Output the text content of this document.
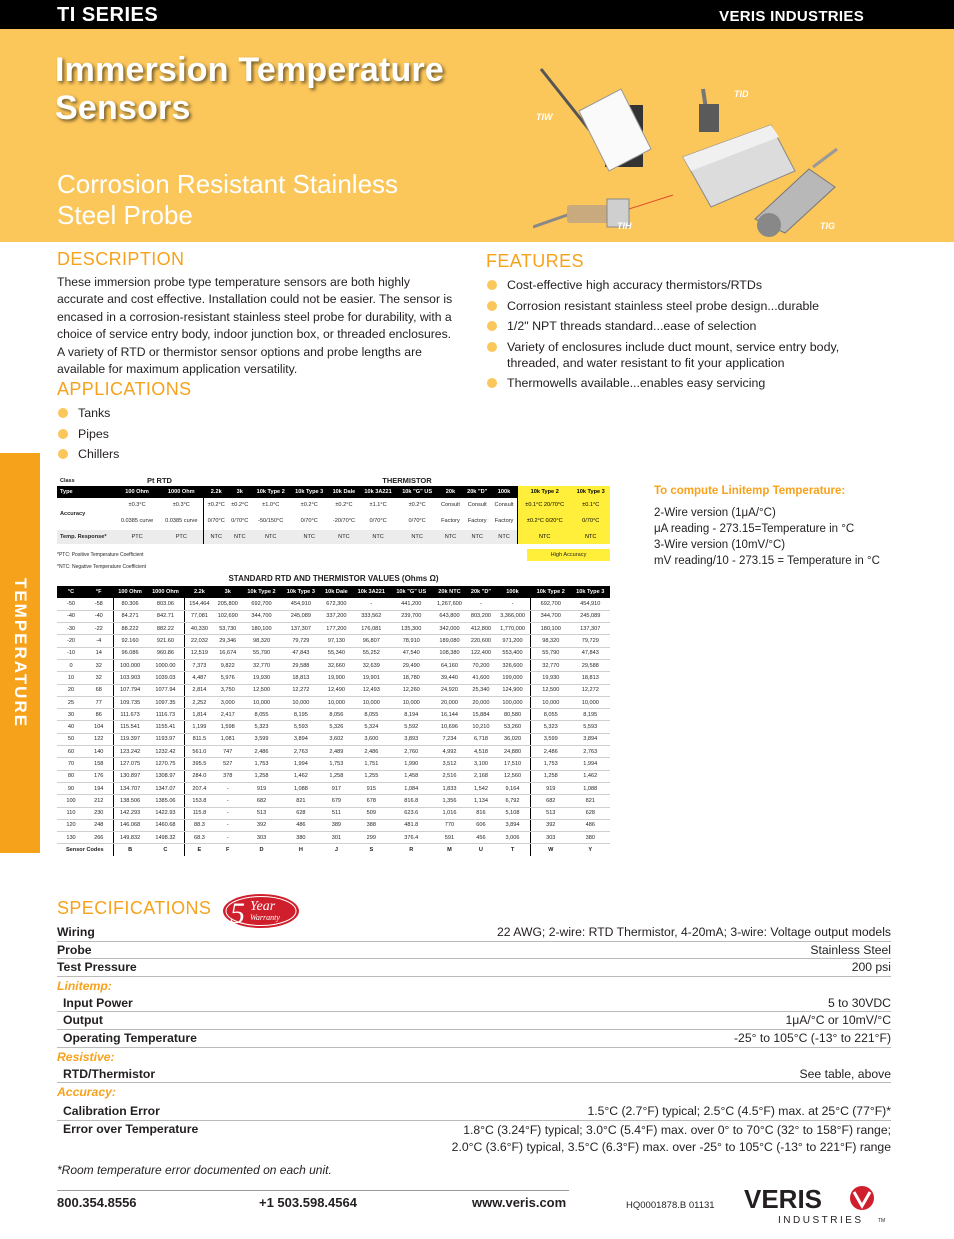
TI SERIES	VERIS INDUSTRIES
Immersion Temperature
Sensors
Corrosion Resistant Stainless
Steel Probe
TIW
TID
TIH	TIG
TEMPERATURE
DESCRIPTION

These immersion probe type temperature sensors are both highly accurate and cost effective. Installation could not be easier. The sensor is encased in a corrosion-resistant stainless steel probe for durability, with a choice of service entry body, indoor junction box, or threaded enclosures. A variety of RTD or thermistor sensor options and probe lengths are available for maximum application versatility.

APPLICATIONS
Tanks
Pipes
Chillers
FEATURES
Cost-effective high accuracy thermistors/RTDs
Corrosion resistant stainless steel probe design...durable
1/2" NPT threads standard...ease of selection
Variety of enclosures include duct mount, service entry body, threaded, and water resistant to fit your application
Thermowells available...enables easy servicing
Class	Pt RTD		THERMISTOR											
Type	100 Ohm	1000 Ohm	2.2k	3k	10k Type 2	10k Type 3	10k Dale	10k 3A221	10k "G" US	20k	20k "D"	100k	10k Type 2	10k Type 3
Accuracy	±0.3°C	±0.3°C	±0.2°C	±0.2°C	±1.0°C	±0.2°C	±0.2°C	±1.1°C	±0.2°C	Consult	Consult	Consult	±0.1°C 20/70°C	±0.1°C
	0.0385 curve	0.0385 curve	0/70°C	0/70°C	-50/150°C	0/70°C	-20/70°C	0/70°C	0/70°C	Factory	Factory	Factory	±0.2°C 0/20°C	0/70°C
Temp. Response*	PTC	PTC	NTC	NTC	NTC	NTC	NTC	NTC	NTC	NTC	NTC	NTC	NTC	NTC
*PTC: Positive Temperature Coefficient
*NTC: Negative Temperature Coefficient
High Accuracy
STANDARD RTD AND THERMISTOR VALUES (Ohms Ω)
°C	°F	100 Ohm	1000 Ohm	2.2k	3k	10k Type 2	10k Type 3	10k Dale	10k 3A221	10k "G" US	20k NTC	20k "D"	100k	10k Type 2	10k Type 3
-50	-58	80.306	803.06	154,464	205,800	692,700	454,910	672,300	-	441,200	1,267,600	-	-	692,700	454,910
-40	-40	84.271	842.71	77,081	102,690	344,700	245,089	337,200	333,562	239,700	643,800	803,200	3,366,000	344,700	245,089
-30	-22	88.222	882.22	40,330	53,730	180,100	137,307	177,200	176,081	135,300	342,000	412,800	1,770,000	180,100	137,307
-20	-4	92.160	921.60	22,032	29,346	98,320	79,729	97,130	96,807	78,910	189,080	220,600	971,200	98,320	79,729
-10	14	96.086	960.86	12,519	16,674	55,790	47,843	55,340	55,252	47,540	108,380	122,400	553,400	55,790	47,843
0	32	100.000	1000.00	7,373	9,822	32,770	29,588	32,660	32,639	29,490	64,160	70,200	326,600	32,770	29,588
10	32	103.903	1039.03	4,487	5,976	19,930	18,813	19,900	19,901	18,780	39,440	41,600	199,000	19,930	18,813
20	68	107.794	1077.94	2,814	3,750	12,500	12,272	12,490	12,493	12,260	24,920	25,340	124,900	12,500	12,272
25	77	109.735	1097.35	2,252	3,000	10,000	10,000	10,000	10,000	10,000	20,000	20,000	100,000	10,000	10,000
30	86	111.673	1116.73	1,814	2,417	8,055	8,195	8,056	8,055	8,194	16,144	15,884	80,580	8,055	8,195
40	104	115.541	1155.41	1,199	1,598	5,323	5,593	5,326	5,324	5,592	10,696	10,210	53,260	5,323	5,593
50	122	119.397	1193.97	811.5	1,081	3,599	3,894	3,602	3,600	3,893	7,234	6,718	36,020	3,599	3,894
60	140	123.242	1232.42	561.0	747	2,486	2,763	2,489	2,486	2,760	4,992	4,518	24,880	2,486	2,763
70	158	127.075	1270.75	395.5	527	1,753	1,994	1,753	1,751	1,990	3,512	3,100	17,510	1,753	1,994
80	176	130.897	1308.97	284.0	378	1,258	1,462	1,258	1,255	1,458	2,516	2,168	12,560	1,258	1,462
90	194	134.707	1347.07	207.4	-	919	1,088	917	915	1,084	1,833	1,542	9,164	919	1,088
100	212	138.506	1385.06	153.8	-	682	821	679	678	816.8	1,356	1,134	6,792	682	821
110	230	142.293	1422.93	115.8	-	513	628	511	509	623.6	1,016	816	5,108	513	628
120	248	146.068	1460.68	88.3	-	392	486	389	388	481.8	770	606	3,894	392	486
130	266	149.832	1498.32	68.3	-	303	380	301	299	376.4	591	456	3,006	303	380
Sensor Codes		B	C	E	F	D	H	J	S	R	M	U	T	W	Y
To compute Linitemp Temperature:
2-Wire version (1μA/°C)
μA reading - 273.15=Temperature in °C
3-Wire version (10mV/°C)
mV reading/10 - 273.15 = Temperature in °C
SPECIFICATIONS 5 Year
Warranty
Wiring	22 AWG; 2-wire: RTD Thermistor, 4-20mA; 3-wire: Voltage output models
Probe	Stainless Steel
Test Pressure	200 psi
Linitemp:
Input Power	5 to 30VDC
Output	1μA/°C or 10mV/°C
Operating Temperature	-25° to 105°C (-13° to 221°F)
Resistive:
RTD/Thermistor	See table, above
Accuracy:
Calibration Error	1.5°C (2.7°F) typical; 2.5°C (4.5°F) max. at 25°C (77°F)*
Error over Temperature	1.8°C (3.24°F) typical; 3.0°C (5.4°F) max. over 0° to 70°C (32° to 158°F) range;
2.0°C (3.6°F) typical, 3.5°C (6.3°F) max. over -25° to 105°C (-13° to 221°F) range
*Room temperature error documented on each unit.
800.354.8556	+1 503.598.4564	www.veris.com	HQ0001878.B 01131 VERIS
INDUSTRIES	TM
